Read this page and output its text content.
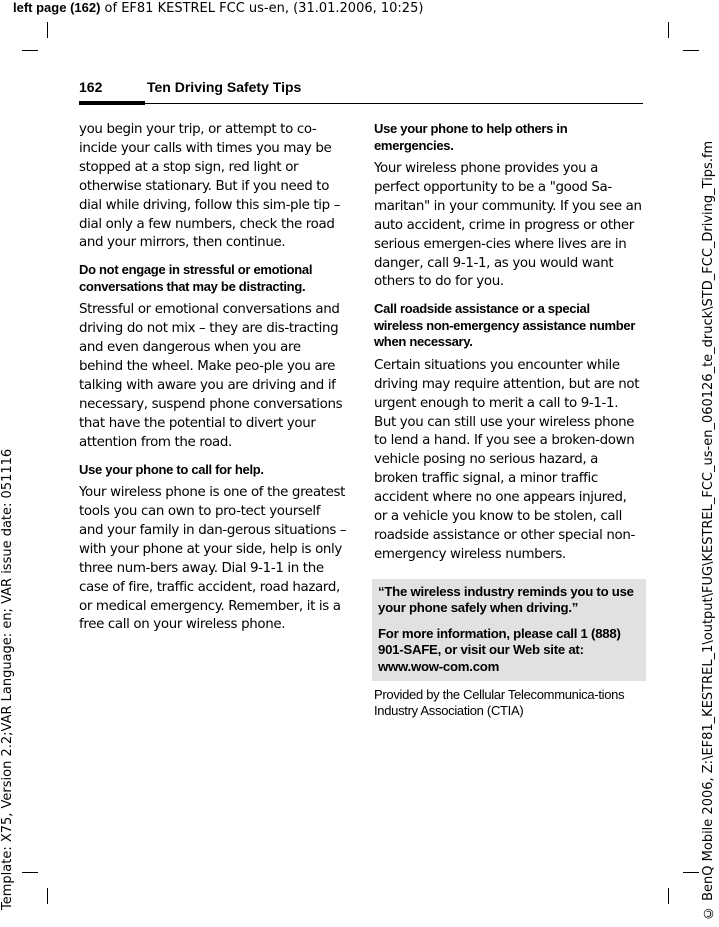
left page (162) of EF81 KESTREL FCC us-en, (31.01.2006, 10:25)
Template: X75, Version 2.2;VAR Language: en; VAR issue date: 051116	© BenQ Mobile 2006, Z:\EF81_KESTREL_1\output\FUG\KESTREL_FCC_us-en_060126_te_druck\STD_FCC_Driving_Tips.fm
162	Ten Driving Safety Tips

you begin your trip, or attempt to co-incide your calls with times you may be stopped at a stop sign, red light or otherwise stationary. But if you need to dial while driving, follow this sim-ple tip – dial only a few numbers, check the road and your mirrors, then continue.

Do not engage in stressful or emotional conversations that may be distracting.

Stressful or emotional conversations and driving do not mix – they are dis-tracting and even dangerous when you are behind the wheel. Make peo-ple you are talking with aware you are driving and if necessary, suspend phone conversations that have the potential to divert your attention from the road.

Use your phone to call for help.

Your wireless phone is one of the greatest tools you can own to pro-tect yourself and your family in dan-gerous situations – with your phone at your side, help is only three num-bers away. Dial 9-1-1 in the case of fire, traffic accident, road hazard, or medical emergency. Remember, it is a free call on your wireless phone.

Use your phone to help others in emergencies.

Your wireless phone provides you a perfect opportunity to be a "good Sa-maritan" in your community. If you see an auto accident, crime in progress or other serious emergen-cies where lives are in danger, call 9-1-1, as you would want others to do for you.

Call roadside assistance or a special wireless non-emergency assistance number when necessary.

Certain situations you encounter while driving may require attention, but are not urgent enough to merit a call to 9-1-1. But you can still use your wireless phone to lend a hand. If you see a broken-down vehicle posing no serious hazard, a broken traffic signal, a minor traffic accident where no one appears injured, or a vehicle you know to be stolen, call roadside assistance or other special non-emergency wireless numbers.

“The wireless industry reminds you to use your phone safely when driving.”

For more information, please call 1 (888) 901-SAFE, or visit our Web site at: www.wow-com.com

Provided by the Cellular Telecommunica-tions Industry Association (CTIA)
